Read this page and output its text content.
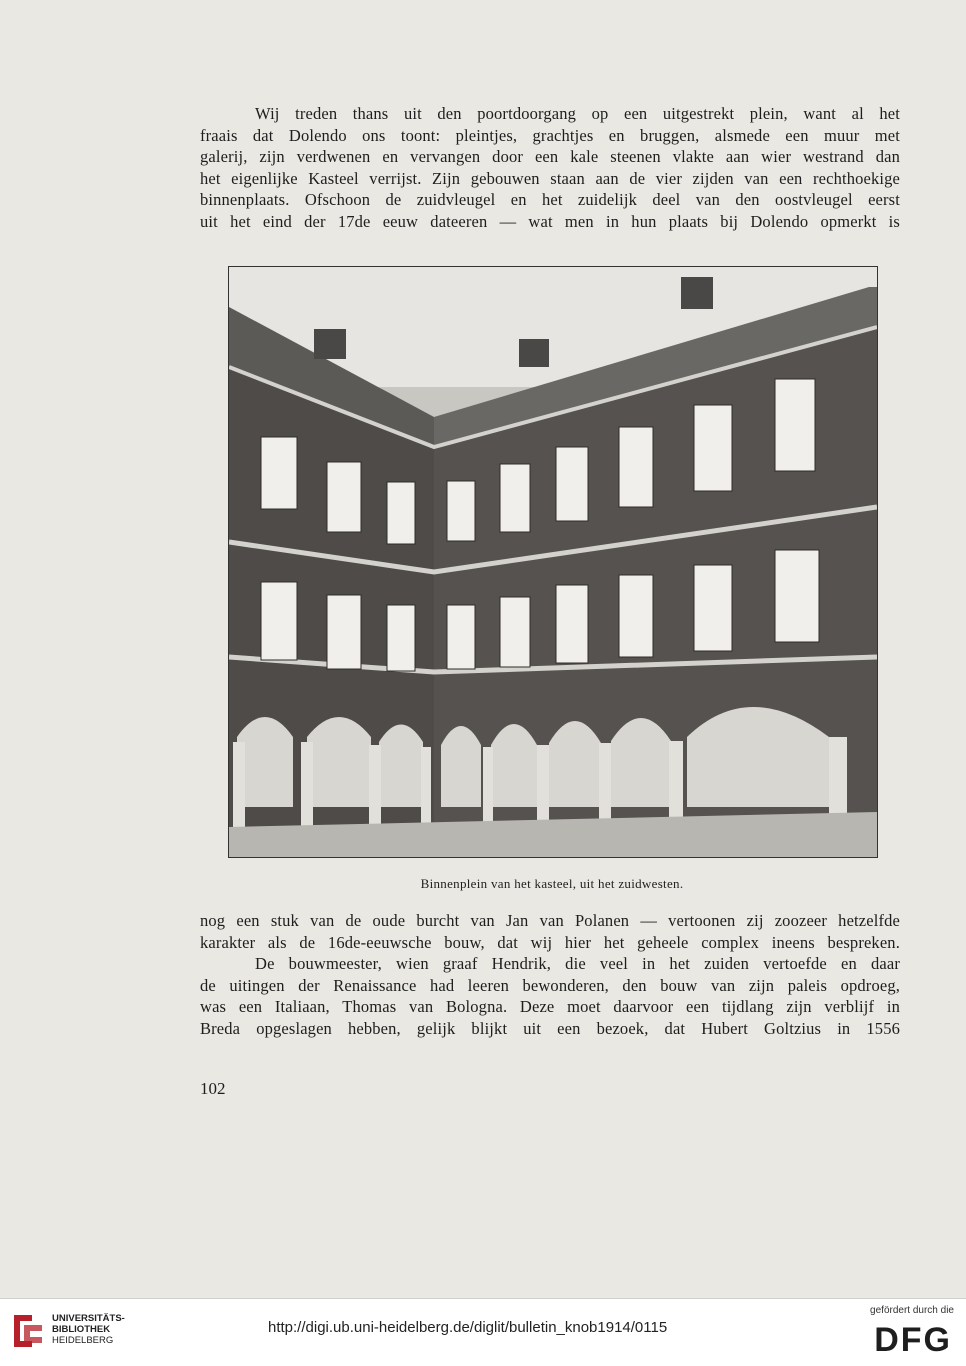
Wij treden thans uit den poortdoorgang op een uitgestrekt plein, want al het
fraais dat Dolendo ons toont: pleintjes, grachtjes en bruggen, alsmede een muur met
galerij, zijn verdwenen en vervangen door een kale steenen vlakte aan wier westrand dan
het eigenlijke Kasteel verrijst. Zijn gebouwen staan aan de vier zijden van een rechthoekige
binnenplaats. Ofschoon de zuidvleugel en het zuidelijk deel van den oostvleugel eerst
uit het eind der 17de eeuw dateeren — wat men in hun plaats bij Dolendo opmerkt is
Binnenplein van het kasteel, uit het zuidwesten.
nog een stuk van de oude burcht van Jan van Polanen — vertoonen zij zoozeer hetzelfde
karakter als de 16de-eeuwsche bouw, dat wij hier het geheele complex ineens bespreken.
De bouwmeester, wien graaf Hendrik, die veel in het zuiden vertoefde en daar
de uitingen der Renaissance had leeren bewonderen, den bouw van zijn paleis opdroeg,
was een Italiaan, Thomas van Bologna. Deze moet daarvoor een tijdlang zijn verblijf in
Breda opgeslagen hebben, gelijk blijkt uit een bezoek, dat Hubert Goltzius in 1556
102
UNIVERSITÄTS-
BIBLIOTHEK
HEIDELBERG
http://digi.ub.uni-heidelberg.de/diglit/bulletin_knob1914/0115
gefördert durch die
DFG
